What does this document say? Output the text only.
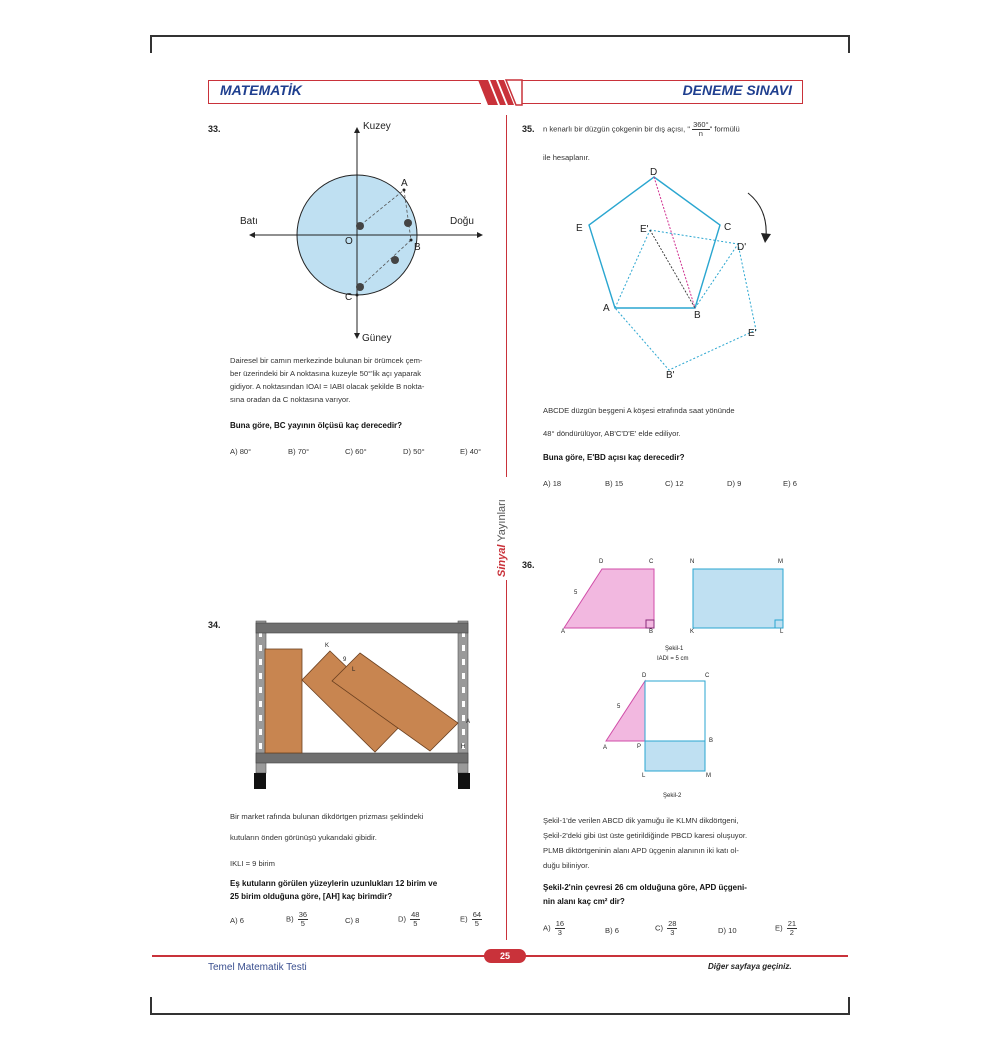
MATEMATİK	DENEME SINAVI
Sinyal Yayınları
33.	Kuzey
Güney
Batı	Doğu
A
B
C
O
Dairesel bir camın merkezinde bulunan bir örümcek çem-
ber üzerindeki bir A noktasına kuzeyle 50°'lik açı yaparak
gidiyor. A noktasından IOAI = IABI olacak şekilde B nokta-
sına oradan da C noktasına varıyor.
Buna göre, BC yayının ölçüsü kaç derecedir?
A) 80°	B) 70°	C) 60°	D) 50°	E) 40°
34.
K
9
L
A
H
Bir market rafında bulunan dikdörtgen prizması şeklindeki
kutuların önden görünüşü yukarıdaki gibidir.
IKLI = 9 birim
Eş kutuların görülen yüzeylerin uzunlukları 12 birim ve
25 birim olduğuna göre, [AH] kaç birimdir?
A) 6	$B) \frac{36}{5}$	C) 8	$D) \frac{48}{5}$	$E) \frac{64}{5}$
35. n kenarlı bir düzgün çokgenin bir dış açısı, " $\frac{360^\circ}{n}$ " formülü
ile hesaplanır.
D
C
E	E'
D'
A
B
E'
B'
ABCDE düzgün beşgeni A köşesi etrafında saat yönünde
48° döndürülüyor, AB'C'D'E' elde ediliyor.
Buna göre, E'BD açısı kaç derecedir?
A) 18	B) 15	C) 12	D) 9	E) 6
36.	D	C
5
A	B
N	M
K	L
Şekil-1
IADI = 5 cm
D	C
5
A	P
B
L	M
Şekil-2
Şekil-1'de verilen ABCD dik yamuğu ile KLMN dikdörtgeni,
Şekil-2'deki gibi üst üste getirildiğinde PBCD karesi oluşuyor.
PLMB diktörtgeninin alanı APD üçgenin alanının iki katı ol-
duğu biliniyor.
Şekil-2'nin çevresi 26 cm olduğuna göre, APD üçgeni-
nin alanı kaç cm² dir?
$A) \frac{16}{3}$	B) 6	$C) \frac{28}{3}$	D) 10	$E) \frac{21}{2}$
25
Temel Matematik Testi	Diğer sayfaya geçiniz.
